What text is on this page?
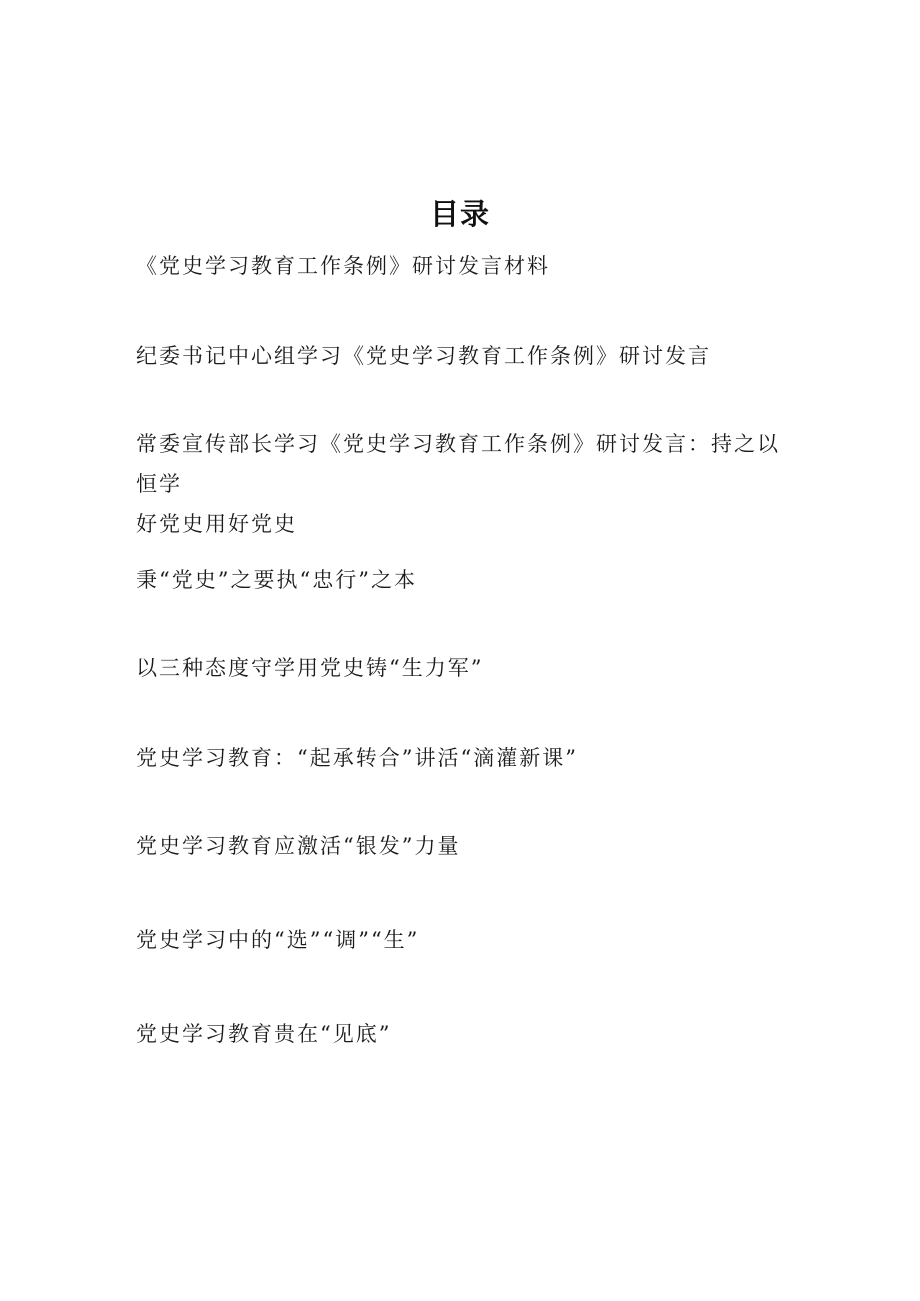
目录
《党史学习教育工作条例》研讨发言材料
纪委书记中心组学习《党史学习教育工作条例》研讨发言
常委宣传部长学习《党史学习教育工作条例》研讨发言：持之以恒学
好党史用好党史
秉“党史”之要执“忠行”之本
以三种态度守学用党史铸“生力军”
党史学习教育：“起承转合”讲活“滴灌新课”
党史学习教育应激活“银发”力量
党史学习中的“选”“调”“生”
党史学习教育贵在“见底”
